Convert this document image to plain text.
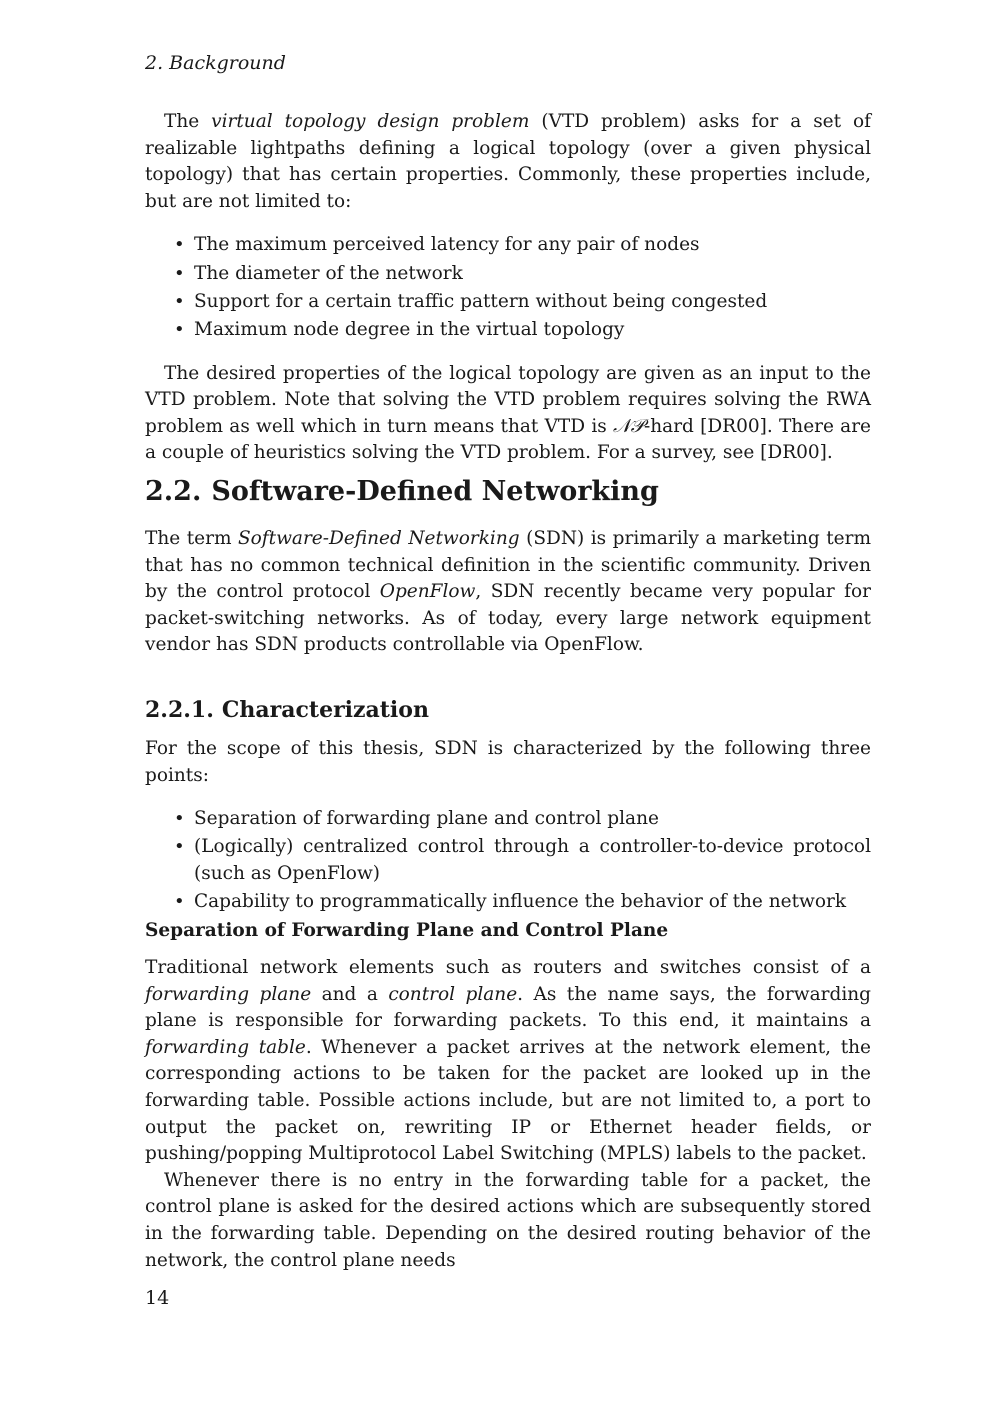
2. Background

The virtual topology design problem (VTD problem) asks for a set of realizable lightpaths defining a logical topology (over a given physical topology) that has certain properties. Commonly, these properties include, but are not limited to:

• The maximum perceived latency for any pair of nodes
• The diameter of the network
• Support for a certain traffic pattern without being congested
• Maximum node degree in the virtual topology

The desired properties of the logical topology are given as an input to the VTD problem. Note that solving the VTD problem requires solving the RWA problem as well which in turn means that VTD is 𝒩𝒫-hard [DR00]. There are a couple of heuristics solving the VTD problem. For a survey, see [DR00].

2.2. Software-Defined Networking

The term Software-Defined Networking (SDN) is primarily a marketing term that has no common technical definition in the scientific community. Driven by the control protocol OpenFlow, SDN recently became very popular for packet-switching networks. As of today, every large network equipment vendor has SDN products controllable via OpenFlow.

2.2.1. Characterization

For the scope of this thesis, SDN is characterized by the following three points:

• Separation of forwarding plane and control plane
• (Logically) centralized control through a controller-to-device protocol (such as OpenFlow)
• Capability to programmatically influence the behavior of the network
Separation of Forwarding Plane and Control Plane

Traditional network elements such as routers and switches consist of a forwarding plane and a control plane. As the name says, the forwarding plane is responsible for forwarding packets. To this end, it maintains a forwarding table. Whenever a packet arrives at the network element, the corresponding actions to be taken for the packet are looked up in the forwarding table. Possible actions include, but are not limited to, a port to output the packet on, rewriting IP or Ethernet header fields, or pushing/popping Multiprotocol Label Switching (MPLS) labels to the packet.

Whenever there is no entry in the forwarding table for a packet, the control plane is asked for the desired actions which are subsequently stored in the forwarding table. Depending on the desired routing behavior of the network, the control plane needs

14
